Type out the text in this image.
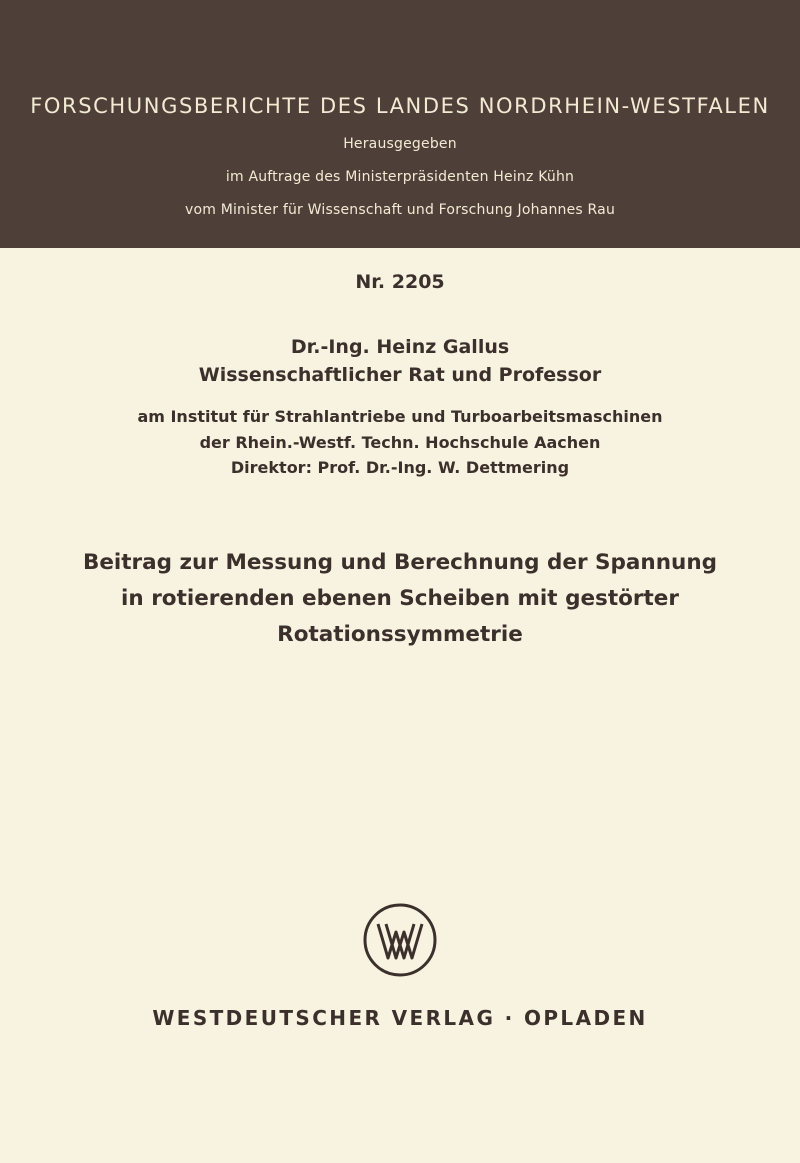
FORSCHUNGSBERICHTE DES LANDES NORDRHEIN-WESTFALEN
Herausgegeben
im Auftrage des Ministerpräsidenten Heinz Kühn
vom Minister für Wissenschaft und Forschung Johannes Rau
Nr. 2205
Dr.-Ing. Heinz Gallus
Wissenschaftlicher Rat und Professor
am Institut für Strahlantriebe und Turboarbeitsmaschinen
der Rhein.-Westf. Techn. Hochschule Aachen
Direktor: Prof. Dr.-Ing. W. Dettmering
Beitrag zur Messung und Berechnung der Spannung
in rotierenden ebenen Scheiben mit gestörter
Rotationssymmetrie
WESTDEUTSCHER VERLAG · OPLADEN
